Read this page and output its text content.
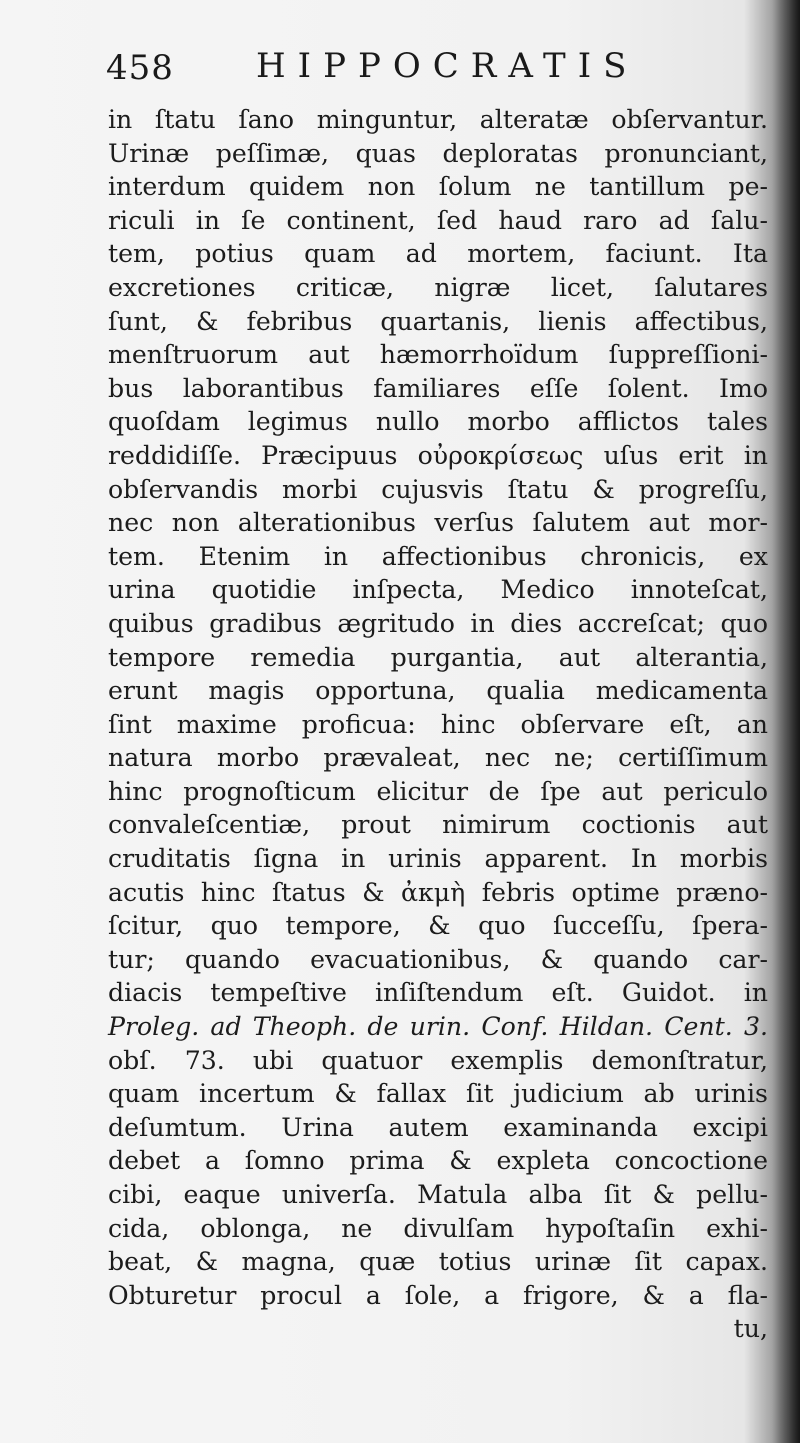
458 HIPPOCRATIS
in ſtatu ſano minguntur, alteratæ obſervantur.
Urinæ peſſimæ, quas deploratas pronunciant,
interdum quidem non ſolum ne tantillum pe-
riculi in ſe continent, ſed haud raro ad ſalu-
tem, potius quam ad mortem, faciunt. Ita
excretiones criticæ, nigræ licet, ſalutares
ſunt, & febribus quartanis, lienis affectibus,
menſtruorum aut hæmorrhoïdum ſuppreſſioni-
bus laborantibus familiares eſſe ſolent. Imo
quoſdam legimus nullo morbo afflictos tales
reddidiſſe. Præcipuus οὐροκρίσεως uſus erit in
obſervandis morbi cujusvis ſtatu & progreſſu,
nec non alterationibus verſus ſalutem aut mor-
tem. Etenim in affectionibus chronicis, ex
urina quotidie inſpecta, Medico innoteſcat,
quibus gradibus ægritudo in dies accreſcat; quo
tempore remedia purgantia, aut alterantia,
erunt magis opportuna, qualia medicamenta
ſint maxime proficua: hinc obſervare eſt, an
natura morbo prævaleat, nec ne; certiſſimum
hinc prognoſticum elicitur de ſpe aut periculo
convaleſcentiæ, prout nimirum coctionis aut
cruditatis ſigna in urinis apparent. In morbis
acutis hinc ſtatus & ἀκμὴ febris optime præno-
ſcitur, quo tempore, & quo ſucceſſu, ſpera-
tur; quando evacuationibus, & quando car-
diacis tempeſtive inſiſtendum eſt. Guidot. in
Proleg. ad Theoph. de urin. Conf. Hildan. Cent. 3.
obſ. 73. ubi quatuor exemplis demonſtratur,
quam incertum & fallax ſit judicium ab urinis
deſumtum. Urina autem examinanda excipi
debet a ſomno prima & expleta concoctione
cibi, eaque univerſa. Matula alba ſit & pellu-
cida, oblonga, ne divulſam hypoſtaſin exhi-
beat, & magna, quæ totius urinæ ſit capax.
Obturetur procul a ſole, a frigore, & a fla-
tu,
